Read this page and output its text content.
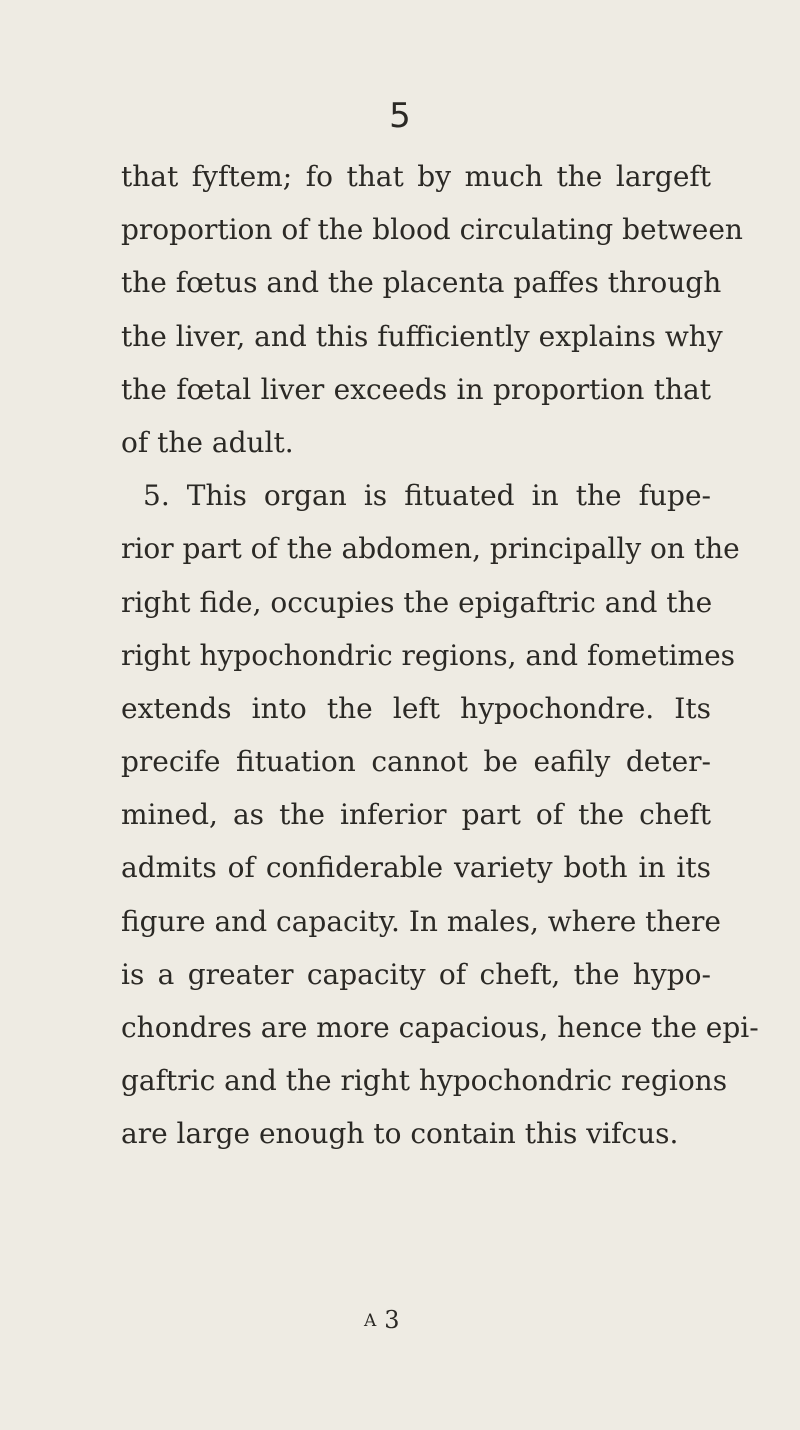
5
that fyftem; fo that by much the largeft
proportion of the blood circulating between
the fœtus and the placenta paffes through
the liver, and this fufficiently explains why
the fœtal liver exceeds in proportion that
of the adult.
5. This organ is fituated in the fupe-
rior part of the abdomen, principally on the
right fide, occupies the epigaftric and the
right hypochondric regions, and fometimes
extends into the left hypochondre. Its
precife fituation cannot be eafily deter-
mined, as the inferior part of the cheft
admits of confiderable variety both in its
figure and capacity. In males, where there
is a greater capacity of cheft, the hypo-
chondres are more capacious, hence the epi-
gaftric and the right hypochondric regions
are large enough to contain this vifcus.
A 3
